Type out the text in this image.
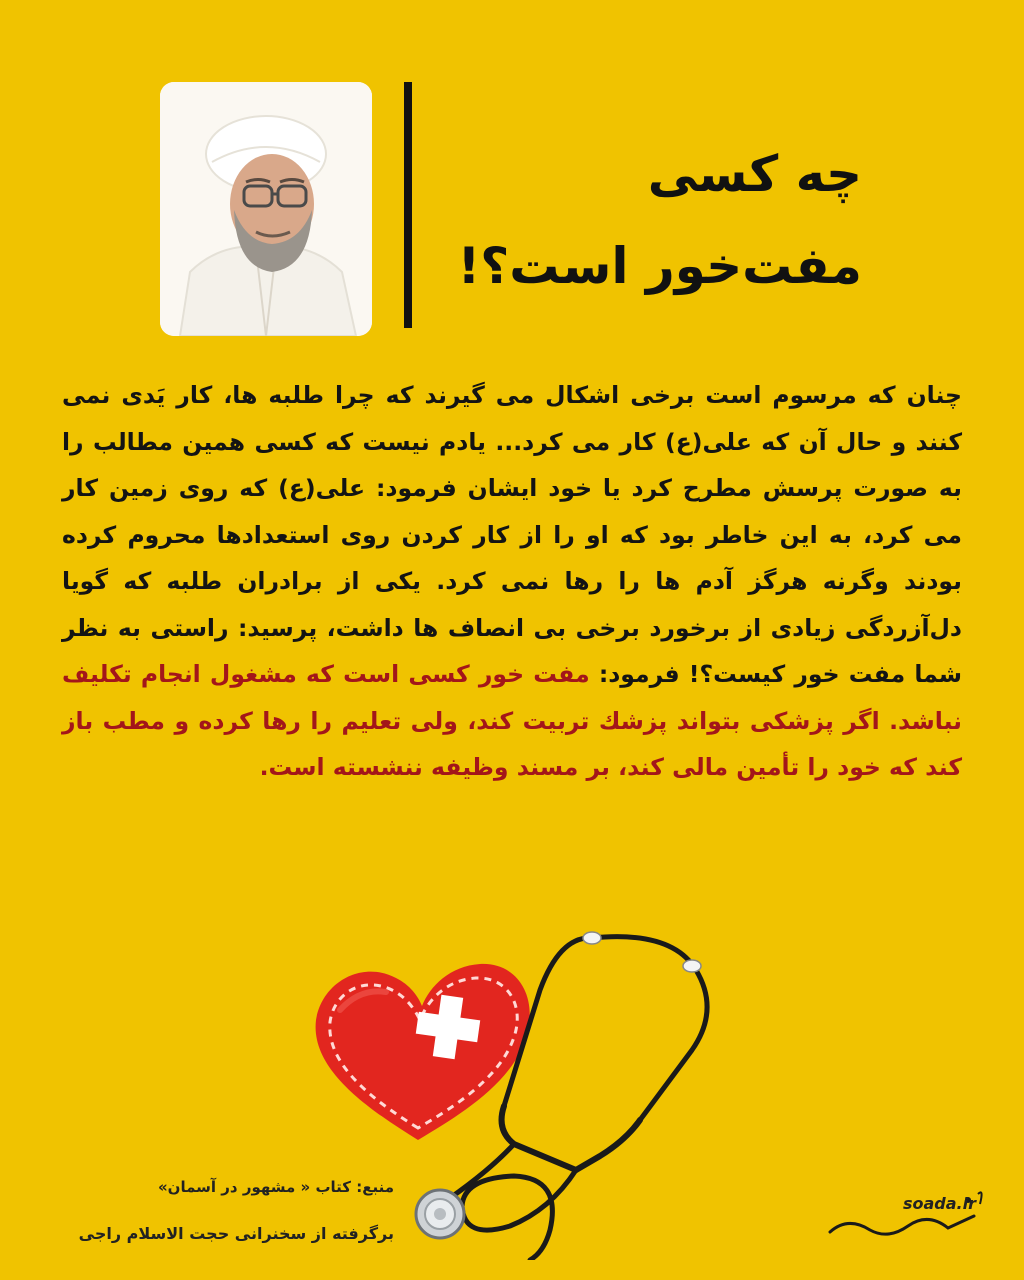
چه کسی
مفت‌خور است؟!

چنان که مرسوم است برخی اشکال می گیرند که چرا طلبه ها، کار یَدی نمی کنند و حال آن که علی(ع) کار می کرد... یادم نیست که کسی همین مطالب را به صورت پرسش مطرح کرد یا خود ایشان فرمود: علی(ع) که روی زمین کار می کرد، به این خاطر بود که او را از کار کردن روی استعدادها محروم کرده بودند وگرنه هرگز آدم ها را رها نمی کرد. یکی از برادران طلبه که گویا دل‌آزردگی زیادی از برخورد برخی بی انصاف ها داشت، پرسید: راستی به نظر شما مفت خور کیست؟! فرمود: مفت خور کسی است که مشغول انجام تکلیف نباشد. اگر پزشکی بتواند پزشك تربیت کند، ولی تعلیم را رها کرده و مطب باز کند که خود را تأمین مالی کند، بر مسند وظیفه ننشسته است.

منبع: کتاب « مشهور در آسمان»
برگرفته از سخنرانی حجت الاسلام راجی
soada.ir
